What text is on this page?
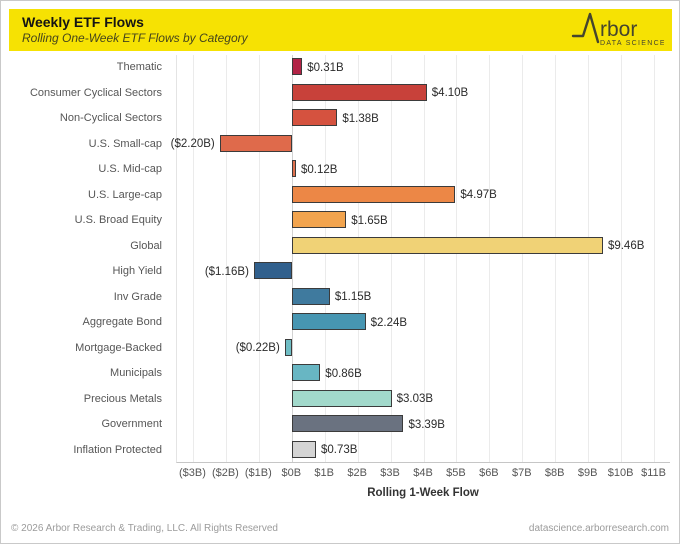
Weekly ETF Flows
Rolling One-Week ETF Flows by Category	rbor
DATA SCIENCE
Thematic
Consumer Cyclical Sectors
Non-Cyclical Sectors
U.S. Small-cap
U.S. Mid-cap
U.S. Large-cap
U.S. Broad Equity
Global
High Yield
Inv Grade
Aggregate Bond
Mortgage-Backed
Municipals
Precious Metals
Government
Inflation Protected
$0.31B
$4.10B
$1.38B
($2.20B)
$0.12B
$4.97B
$1.65B
$9.46B
($1.16B)
$1.15B
$2.24B
($0.22B)
$0.86B
$3.03B
$3.39B
$0.73B
($3B) ($2B) ($1B) $0B $1B $2B $3B $4B $5B $6B $7B $8B $9B $10B $11B
Rolling 1-Week Flow
© 2026 Arbor Research & Trading, LLC. All Rights Reserved	datascience.arborresearch.com
